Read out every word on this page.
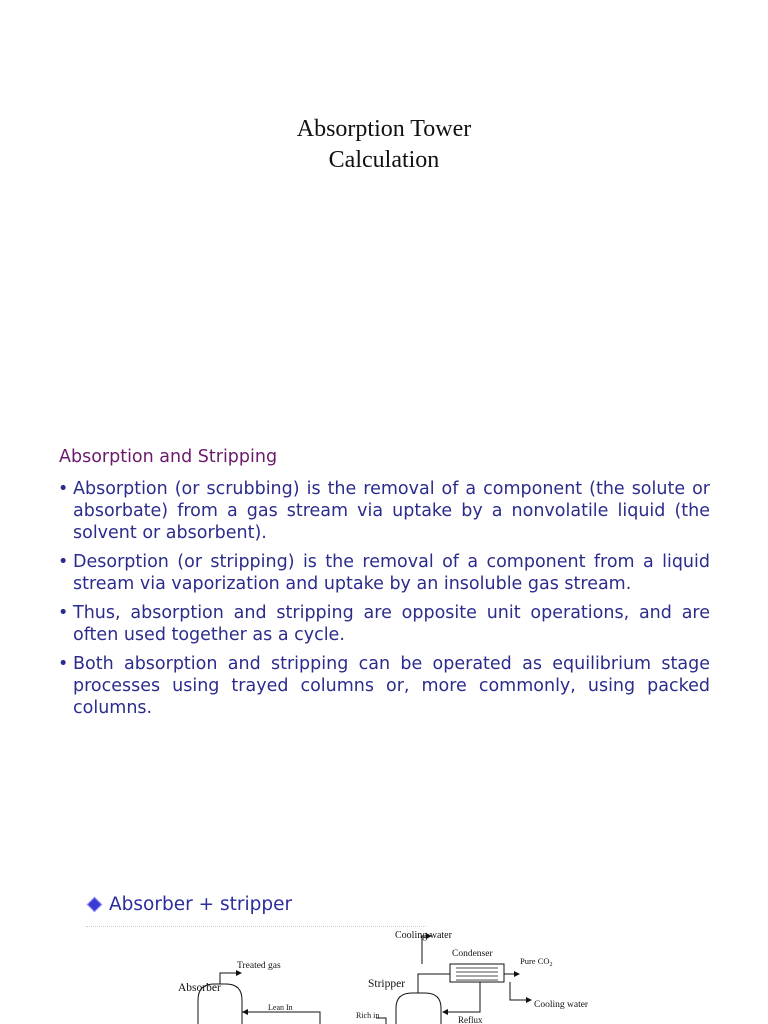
Absorption Tower
Calculation
Absorption and Stripping
• Absorption (or scrubbing) is the removal of a component (the solute or absorbate) from a gas stream via uptake by a nonvolatile liquid (the solvent or absorbent).
• Desorption (or stripping) is the removal of a component from a liquid stream via vaporization and uptake by an insoluble gas stream.
• Thus, absorption and stripping are opposite unit operations, and are often used together as a cycle.
• Both absorption and stripping can be operated as equilibrium stage processes using trayed columns or, more commonly, using packed columns.
Absorber + stripper
Cooling water
Condenser
Pure $CO_2$
Treated gas
Stripper
Absorber
Cooling water
Lean In
Rich in	Reflux
